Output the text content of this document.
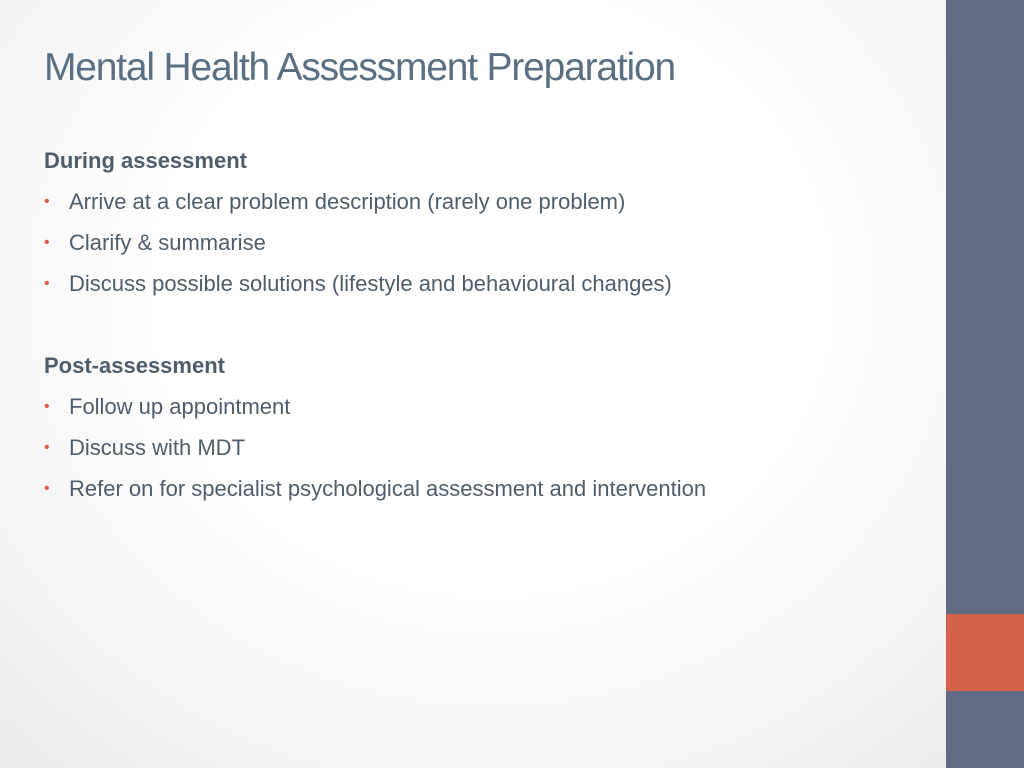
Mental Health Assessment Preparation
During assessment
• Arrive at a clear problem description (rarely one problem)
• Clarify & summarise
• Discuss possible solutions (lifestyle and behavioural changes)
Post-assessment
• Follow up appointment
• Discuss with MDT
• Refer on for specialist psychological assessment and intervention
